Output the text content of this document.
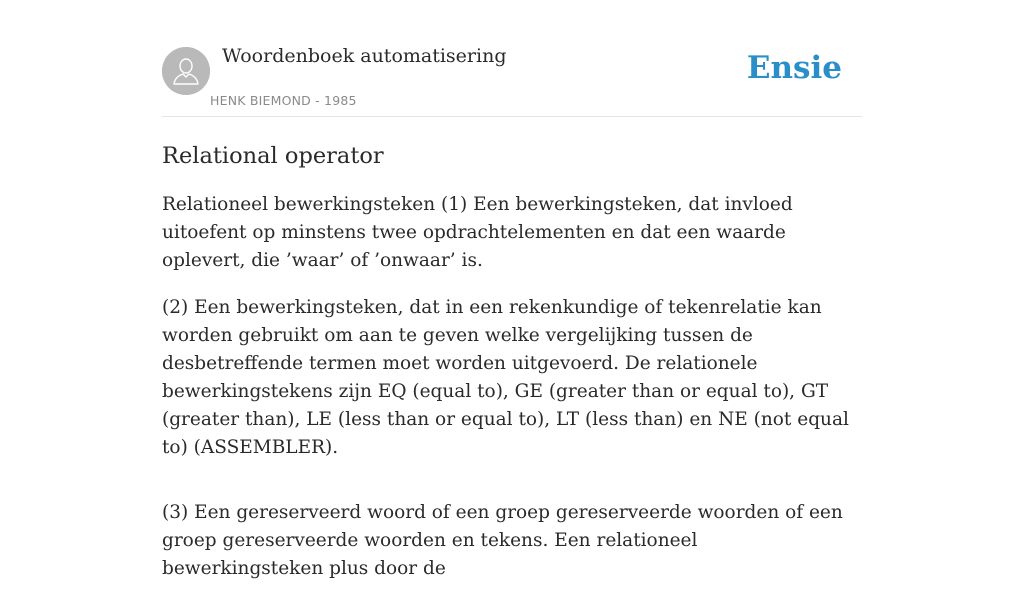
Woordenboek automatisering
HENK BIEMOND - 1985
Ensie
Relational operator

Relationeel bewerkingsteken (1) Een bewerkingsteken, dat invloed uitoefent op minstens twee opdrachtelementen en dat een waarde oplevert, die ’waar’ of ’onwaar’ is.

(2) Een bewerkingsteken, dat in een rekenkundige of tekenrelatie kan worden gebruikt om aan te geven welke vergelijking tussen de desbetreffende termen moet worden uitgevoerd. De relationele bewerkingstekens zijn EQ (equal to), GE (greater than or equal to), GT (greater than), LE (less than or equal to), LT (less than) en NE (not equal to) (ASSEMBLER).

(3) Een gereserveerd woord of een groep gereserveerde woorden of een groep gereserveerde woorden en tekens. Een relationeel bewerkingsteken plus door de
